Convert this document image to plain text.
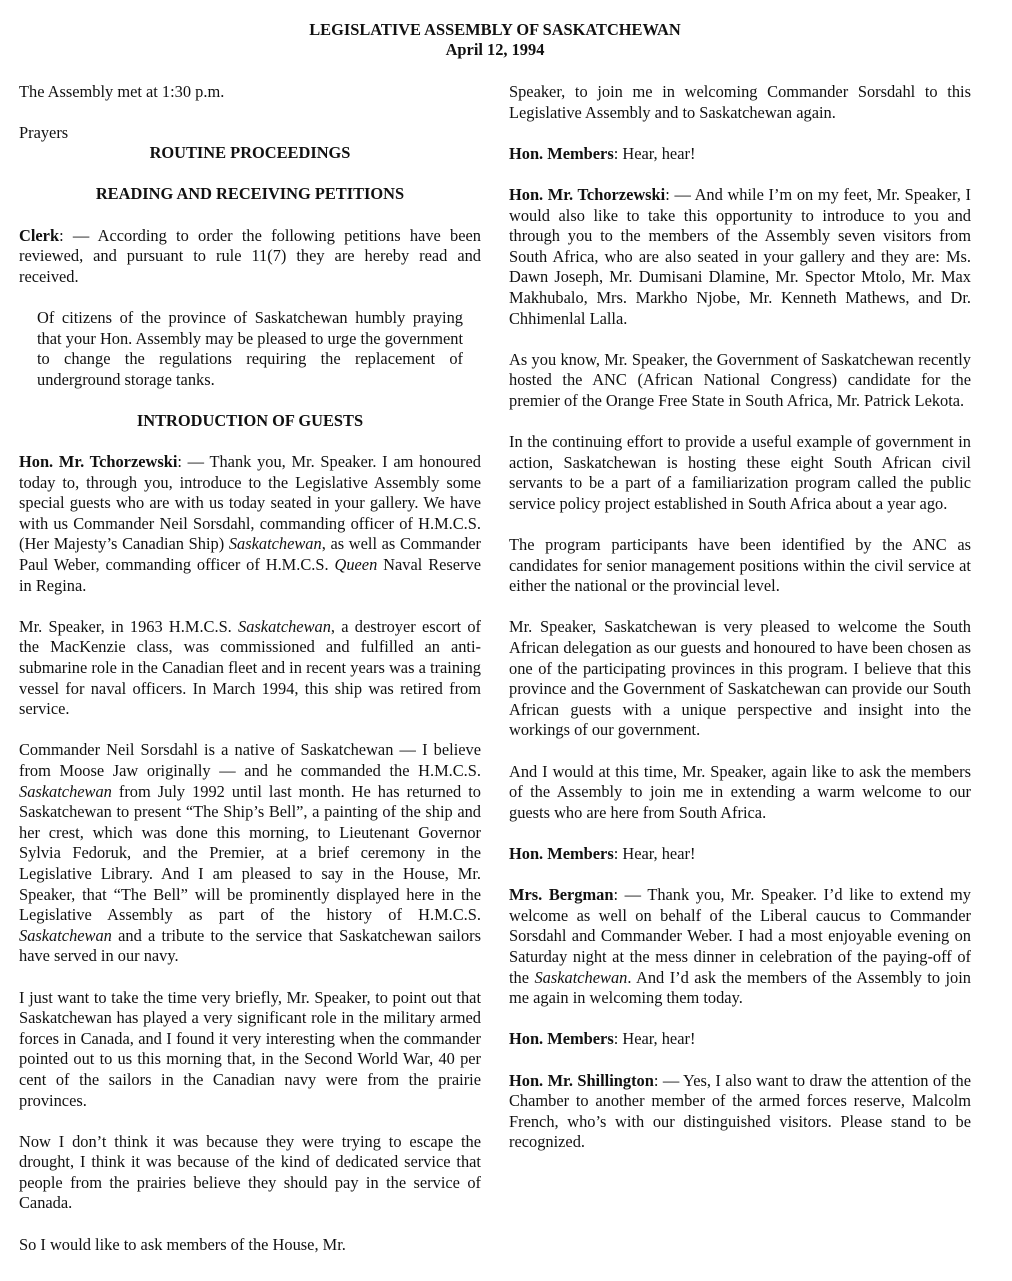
LEGISLATIVE ASSEMBLY OF SASKATCHEWAN
April 12, 1994

The Assembly met at 1:30 p.m.

Prayers

ROUTINE PROCEEDINGS
READING AND RECEIVING PETITIONS

Clerk: — According to order the following petitions have been reviewed, and pursuant to rule 11(7) they are hereby read and received.

Of citizens of the province of Saskatchewan humbly praying that your Hon. Assembly may be pleased to urge the government to change the regulations requiring the replacement of underground storage tanks.
INTRODUCTION OF GUESTS

Hon. Mr. Tchorzewski: — Thank you, Mr. Speaker. I am honoured today to, through you, introduce to the Legislative Assembly some special guests who are with us today seated in your gallery. We have with us Commander Neil Sorsdahl, commanding officer of H.M.C.S. (Her Majesty’s Canadian Ship) Saskatchewan, as well as Commander Paul Weber, commanding officer of H.M.C.S. Queen Naval Reserve in Regina.

Mr. Speaker, in 1963 H.M.C.S. Saskatchewan, a destroyer escort of the MacKenzie class, was commissioned and fulfilled an anti-submarine role in the Canadian fleet and in recent years was a training vessel for naval officers. In March 1994, this ship was retired from service.

Commander Neil Sorsdahl is a native of Saskatchewan — I believe from Moose Jaw originally — and he commanded the H.M.C.S. Saskatchewan from July 1992 until last month. He has returned to Saskatchewan to present “The Ship’s Bell”, a painting of the ship and her crest, which was done this morning, to Lieutenant Governor Sylvia Fedoruk, and the Premier, at a brief ceremony in the Legislative Library. And I am pleased to say in the House, Mr. Speaker, that “The Bell” will be prominently displayed here in the Legislative Assembly as part of the history of H.M.C.S. Saskatchewan and a tribute to the service that Saskatchewan sailors have served in our navy.

I just want to take the time very briefly, Mr. Speaker, to point out that Saskatchewan has played a very significant role in the military armed forces in Canada, and I found it very interesting when the commander pointed out to us this morning that, in the Second World War, 40 per cent of the sailors in the Canadian navy were from the prairie provinces.

Now I don’t think it was because they were trying to escape the drought, I think it was because of the kind of dedicated service that people from the prairies believe they should pay in the service of Canada.

So I would like to ask members of the House, Mr.

Speaker, to join me in welcoming Commander Sorsdahl to this Legislative Assembly and to Saskatchewan again.

Hon. Members: Hear, hear!

Hon. Mr. Tchorzewski: — And while I’m on my feet, Mr. Speaker, I would also like to take this opportunity to introduce to you and through you to the members of the Assembly seven visitors from South Africa, who are also seated in your gallery and they are: Ms. Dawn Joseph, Mr. Dumisani Dlamine, Mr. Spector Mtolo, Mr. Max Makhubalo, Mrs. Markho Njobe, Mr. Kenneth Mathews, and Dr. Chhimenlal Lalla.

As you know, Mr. Speaker, the Government of Saskatchewan recently hosted the ANC (African National Congress) candidate for the premier of the Orange Free State in South Africa, Mr. Patrick Lekota.

In the continuing effort to provide a useful example of government in action, Saskatchewan is hosting these eight South African civil servants to be a part of a familiarization program called the public service policy project established in South Africa about a year ago.

The program participants have been identified by the ANC as candidates for senior management positions within the civil service at either the national or the provincial level.

Mr. Speaker, Saskatchewan is very pleased to welcome the South African delegation as our guests and honoured to have been chosen as one of the participating provinces in this program. I believe that this province and the Government of Saskatchewan can provide our South African guests with a unique perspective and insight into the workings of our government.

And I would at this time, Mr. Speaker, again like to ask the members of the Assembly to join me in extending a warm welcome to our guests who are here from South Africa.

Hon. Members: Hear, hear!

Mrs. Bergman: — Thank you, Mr. Speaker. I’d like to extend my welcome as well on behalf of the Liberal caucus to Commander Sorsdahl and Commander Weber. I had a most enjoyable evening on Saturday night at the mess dinner in celebration of the paying-off of the Saskatchewan. And I’d ask the members of the Assembly to join me again in welcoming them today.

Hon. Members: Hear, hear!

Hon. Mr. Shillington: — Yes, I also want to draw the attention of the Chamber to another member of the armed forces reserve, Malcolm French, who’s with our distinguished visitors. Please stand to be recognized.
